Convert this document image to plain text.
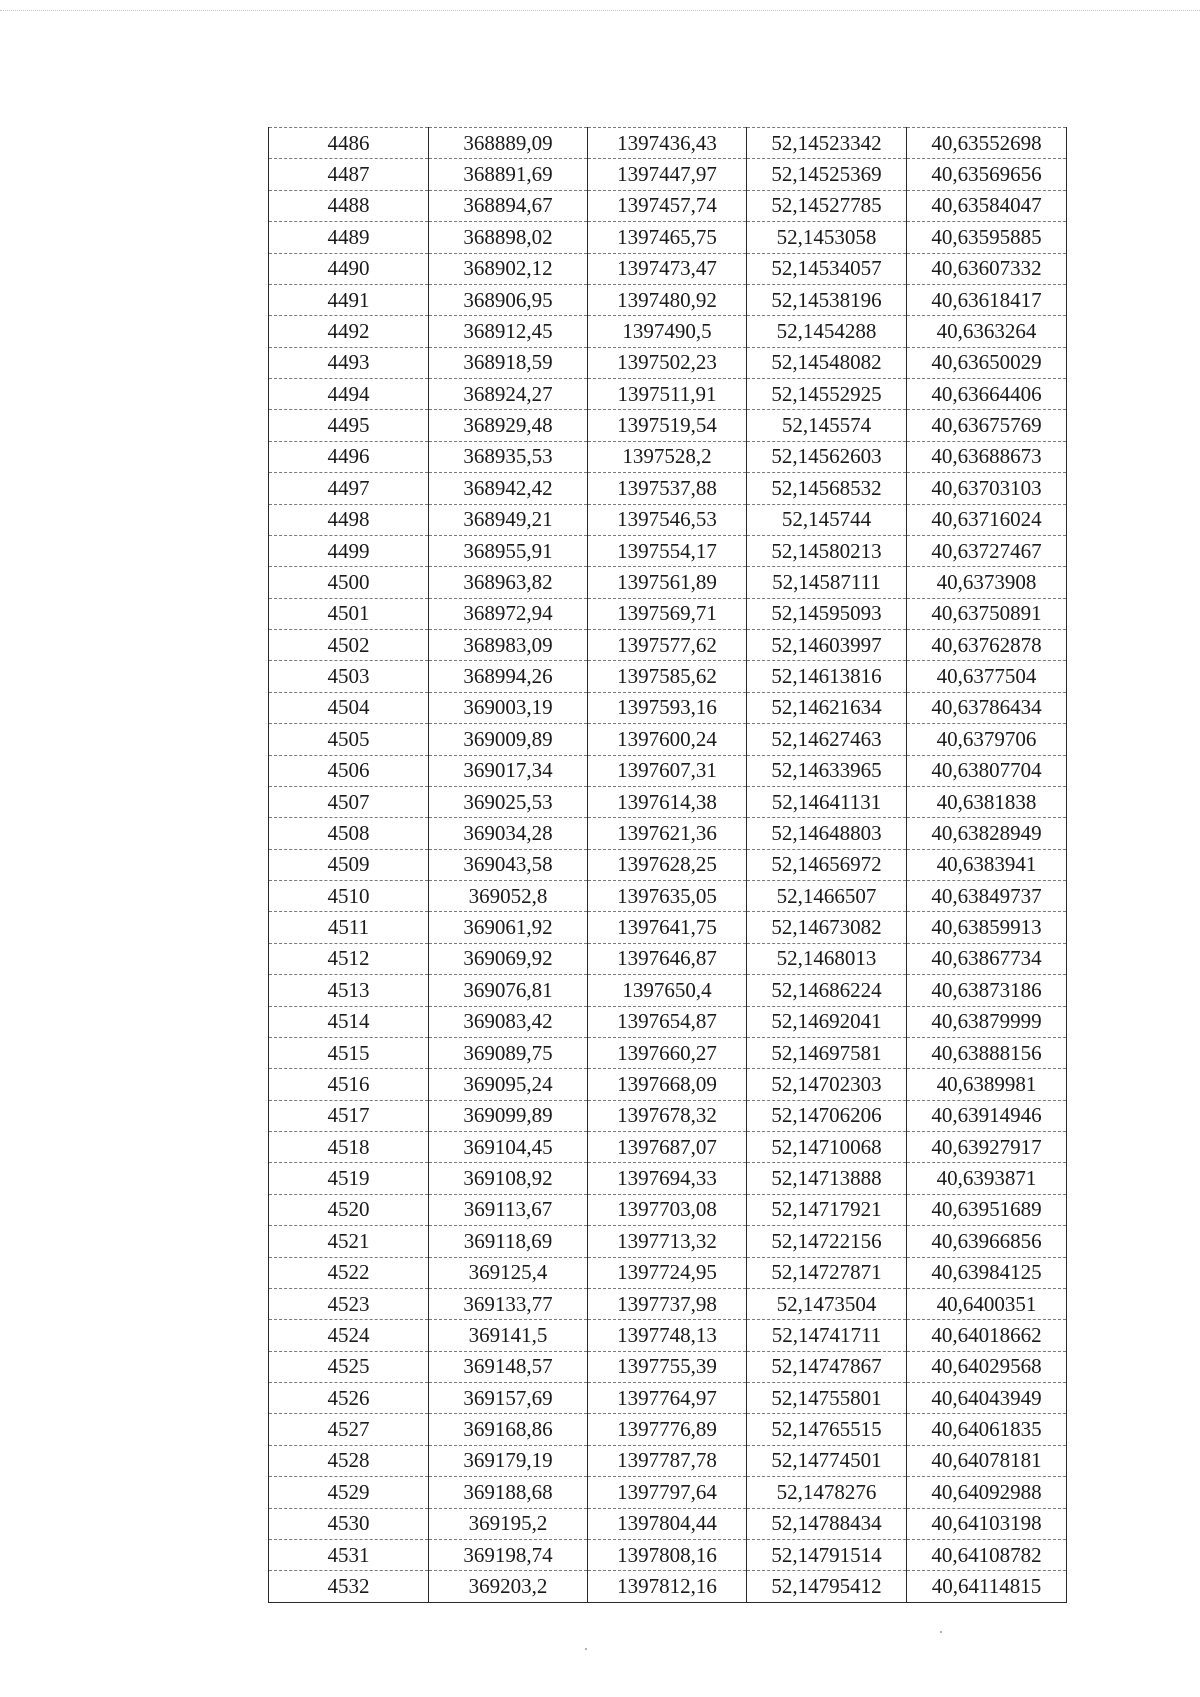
4486	368889,09	1397436,43	52,14523342	40,63552698
4487	368891,69	1397447,97	52,14525369	40,63569656
4488	368894,67	1397457,74	52,14527785	40,63584047
4489	368898,02	1397465,75	52,1453058	40,63595885
4490	368902,12	1397473,47	52,14534057	40,63607332
4491	368906,95	1397480,92	52,14538196	40,63618417
4492	368912,45	1397490,5	52,1454288	40,6363264
4493	368918,59	1397502,23	52,14548082	40,63650029
4494	368924,27	1397511,91	52,14552925	40,63664406
4495	368929,48	1397519,54	52,145574	40,63675769
4496	368935,53	1397528,2	52,14562603	40,63688673
4497	368942,42	1397537,88	52,14568532	40,63703103
4498	368949,21	1397546,53	52,145744	40,63716024
4499	368955,91	1397554,17	52,14580213	40,63727467
4500	368963,82	1397561,89	52,14587111	40,6373908
4501	368972,94	1397569,71	52,14595093	40,63750891
4502	368983,09	1397577,62	52,14603997	40,63762878
4503	368994,26	1397585,62	52,14613816	40,6377504
4504	369003,19	1397593,16	52,14621634	40,63786434
4505	369009,89	1397600,24	52,14627463	40,6379706
4506	369017,34	1397607,31	52,14633965	40,63807704
4507	369025,53	1397614,38	52,14641131	40,6381838
4508	369034,28	1397621,36	52,14648803	40,63828949
4509	369043,58	1397628,25	52,14656972	40,6383941
4510	369052,8	1397635,05	52,1466507	40,63849737
4511	369061,92	1397641,75	52,14673082	40,63859913
4512	369069,92	1397646,87	52,1468013	40,63867734
4513	369076,81	1397650,4	52,14686224	40,63873186
4514	369083,42	1397654,87	52,14692041	40,63879999
4515	369089,75	1397660,27	52,14697581	40,63888156
4516	369095,24	1397668,09	52,14702303	40,6389981
4517	369099,89	1397678,32	52,14706206	40,63914946
4518	369104,45	1397687,07	52,14710068	40,63927917
4519	369108,92	1397694,33	52,14713888	40,6393871
4520	369113,67	1397703,08	52,14717921	40,63951689
4521	369118,69	1397713,32	52,14722156	40,63966856
4522	369125,4	1397724,95	52,14727871	40,63984125
4523	369133,77	1397737,98	52,1473504	40,6400351
4524	369141,5	1397748,13	52,14741711	40,64018662
4525	369148,57	1397755,39	52,14747867	40,64029568
4526	369157,69	1397764,97	52,14755801	40,64043949
4527	369168,86	1397776,89	52,14765515	40,64061835
4528	369179,19	1397787,78	52,14774501	40,64078181
4529	369188,68	1397797,64	52,1478276	40,64092988
4530	369195,2	1397804,44	52,14788434	40,64103198
4531	369198,74	1397808,16	52,14791514	40,64108782
4532	369203,2	1397812,16	52,14795412	40,64114815
